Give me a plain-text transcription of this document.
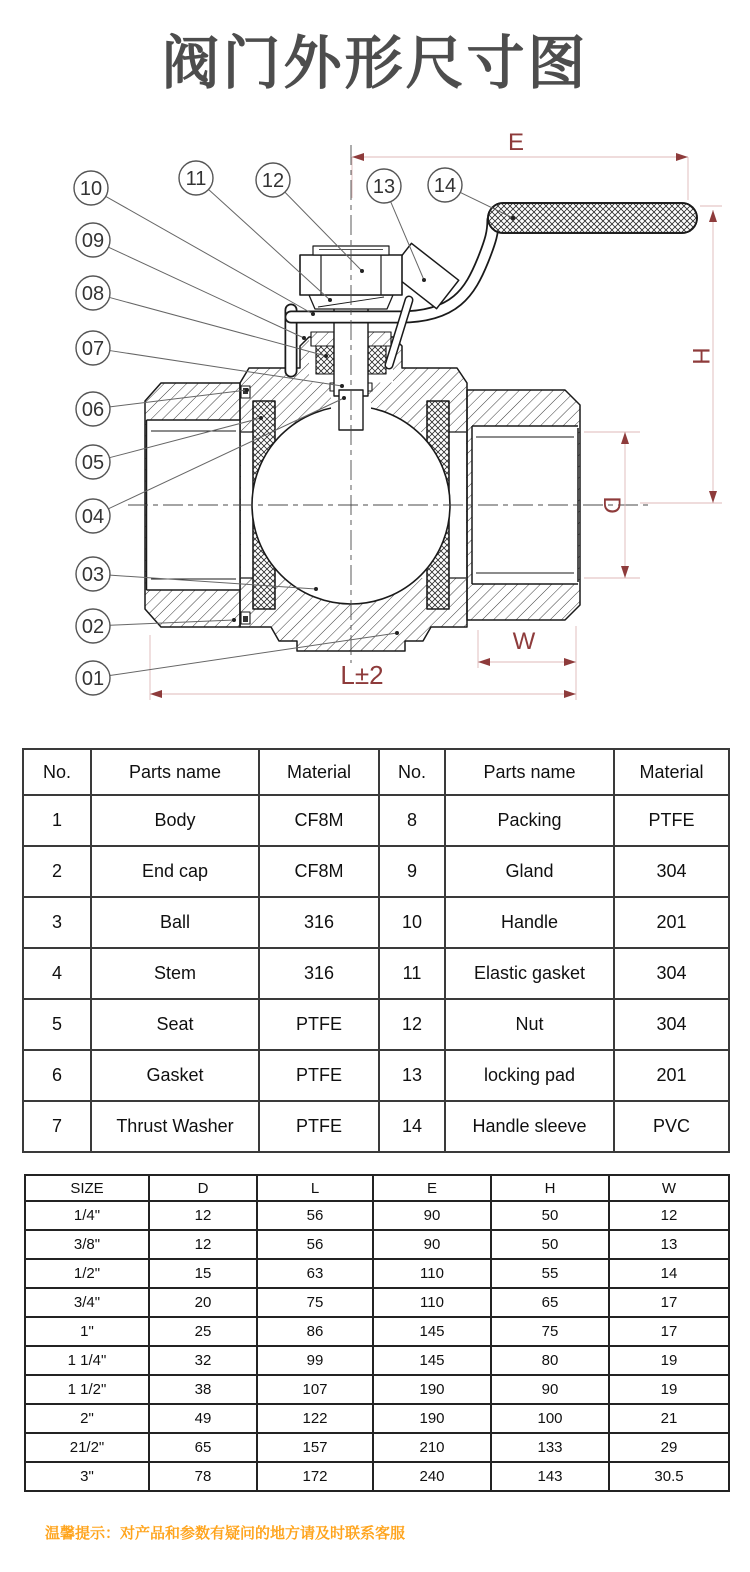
阀门外形尺寸图
E
H
D
W
L±2
10	11	12	13 14
09
08
07
06
05
04
03
02
01
No.	Parts name	Material	No.	Parts name	Material
1	Body	CF8M	8	Packing	PTFE
2	End cap	CF8M	9	Gland	304
3	Ball	316	10	Handle	201
4	Stem	316	11	Elastic gasket	304
5	Seat	PTFE	12	Nut	304
6	Gasket	PTFE	13	locking pad	201
7	Thrust Washer	PTFE	14	Handle sleeve	PVC
SIZE	D	L	E	H	W
1/4"	12	56	90	50	12
3/8"	12	56	90	50	13
1/2"	15	63	110	55	14
3/4"	20	75	110	65	17
1"	25	86	145	75	17
1 1/4"	32	99	145	80	19
1 1/2"	38	107	190	90	19
2"	49	122	190	100	21
21/2"	65	157	210	133	29
3"	78	172	240	143	30.5
温馨提示：对产品和参数有疑问的地方请及时联系客服
